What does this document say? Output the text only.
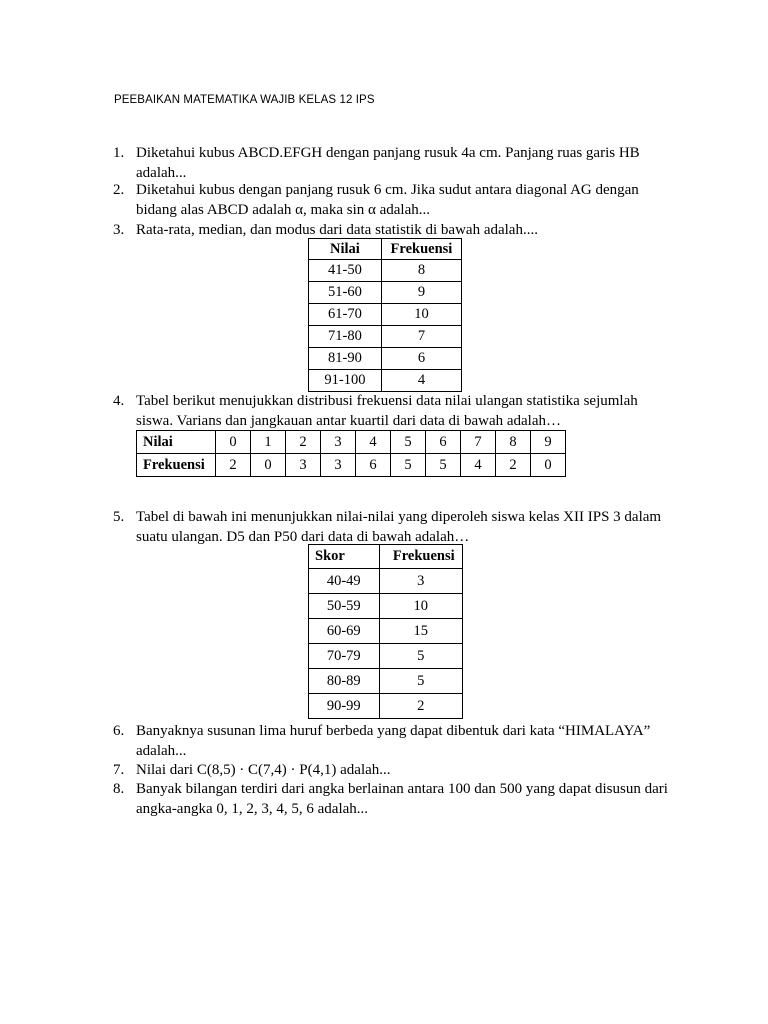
PEEBAIKAN MATEMATIKA WAJIB KELAS 12 IPS
1. Diketahui kubus ABCD.EFGH dengan panjang rusuk 4a cm. Panjang ruas garis HB
adalah...
2. Diketahui kubus dengan panjang rusuk 6 cm. Jika sudut antara diagonal AG dengan
bidang alas ABCD adalah α, maka sin α adalah...
3. Rata-rata, median, dan modus dari data statistik di bawah adalah....
Nilai	Frekuensi
41-50	8
51-60	9
61-70	10
71-80	7
81-90	6
91-100	4
4. Tabel berikut menujukkan distribusi frekuensi data nilai ulangan statistika sejumlah
siswa. Varians dan jangkauan antar kuartil dari data di bawah adalah…
Nilai	0	1	2	3	4	5	6	7	8	9
Frekuensi	2	0	3	3	6	5	5	4	2	0
5. Tabel di bawah ini menunjukkan nilai-nilai yang diperoleh siswa kelas XII IPS 3 dalam
suatu ulangan. D5 dan P50 dari data di bawah adalah…
Skor	Frekuensi
40-49	3
50-59	10
60-69	15
70-79	5
80-89	5
90-99	2
6. Banyaknya susunan lima huruf berbeda yang dapat dibentuk dari kata “HIMALAYA”
adalah...
7. Nilai dari C(8,5) · C(7,4) · P(4,1) adalah...
8. Banyak bilangan terdiri dari angka berlainan antara 100 dan 500 yang dapat disusun dari
angka-angka 0, 1, 2, 3, 4, 5, 6 adalah...
